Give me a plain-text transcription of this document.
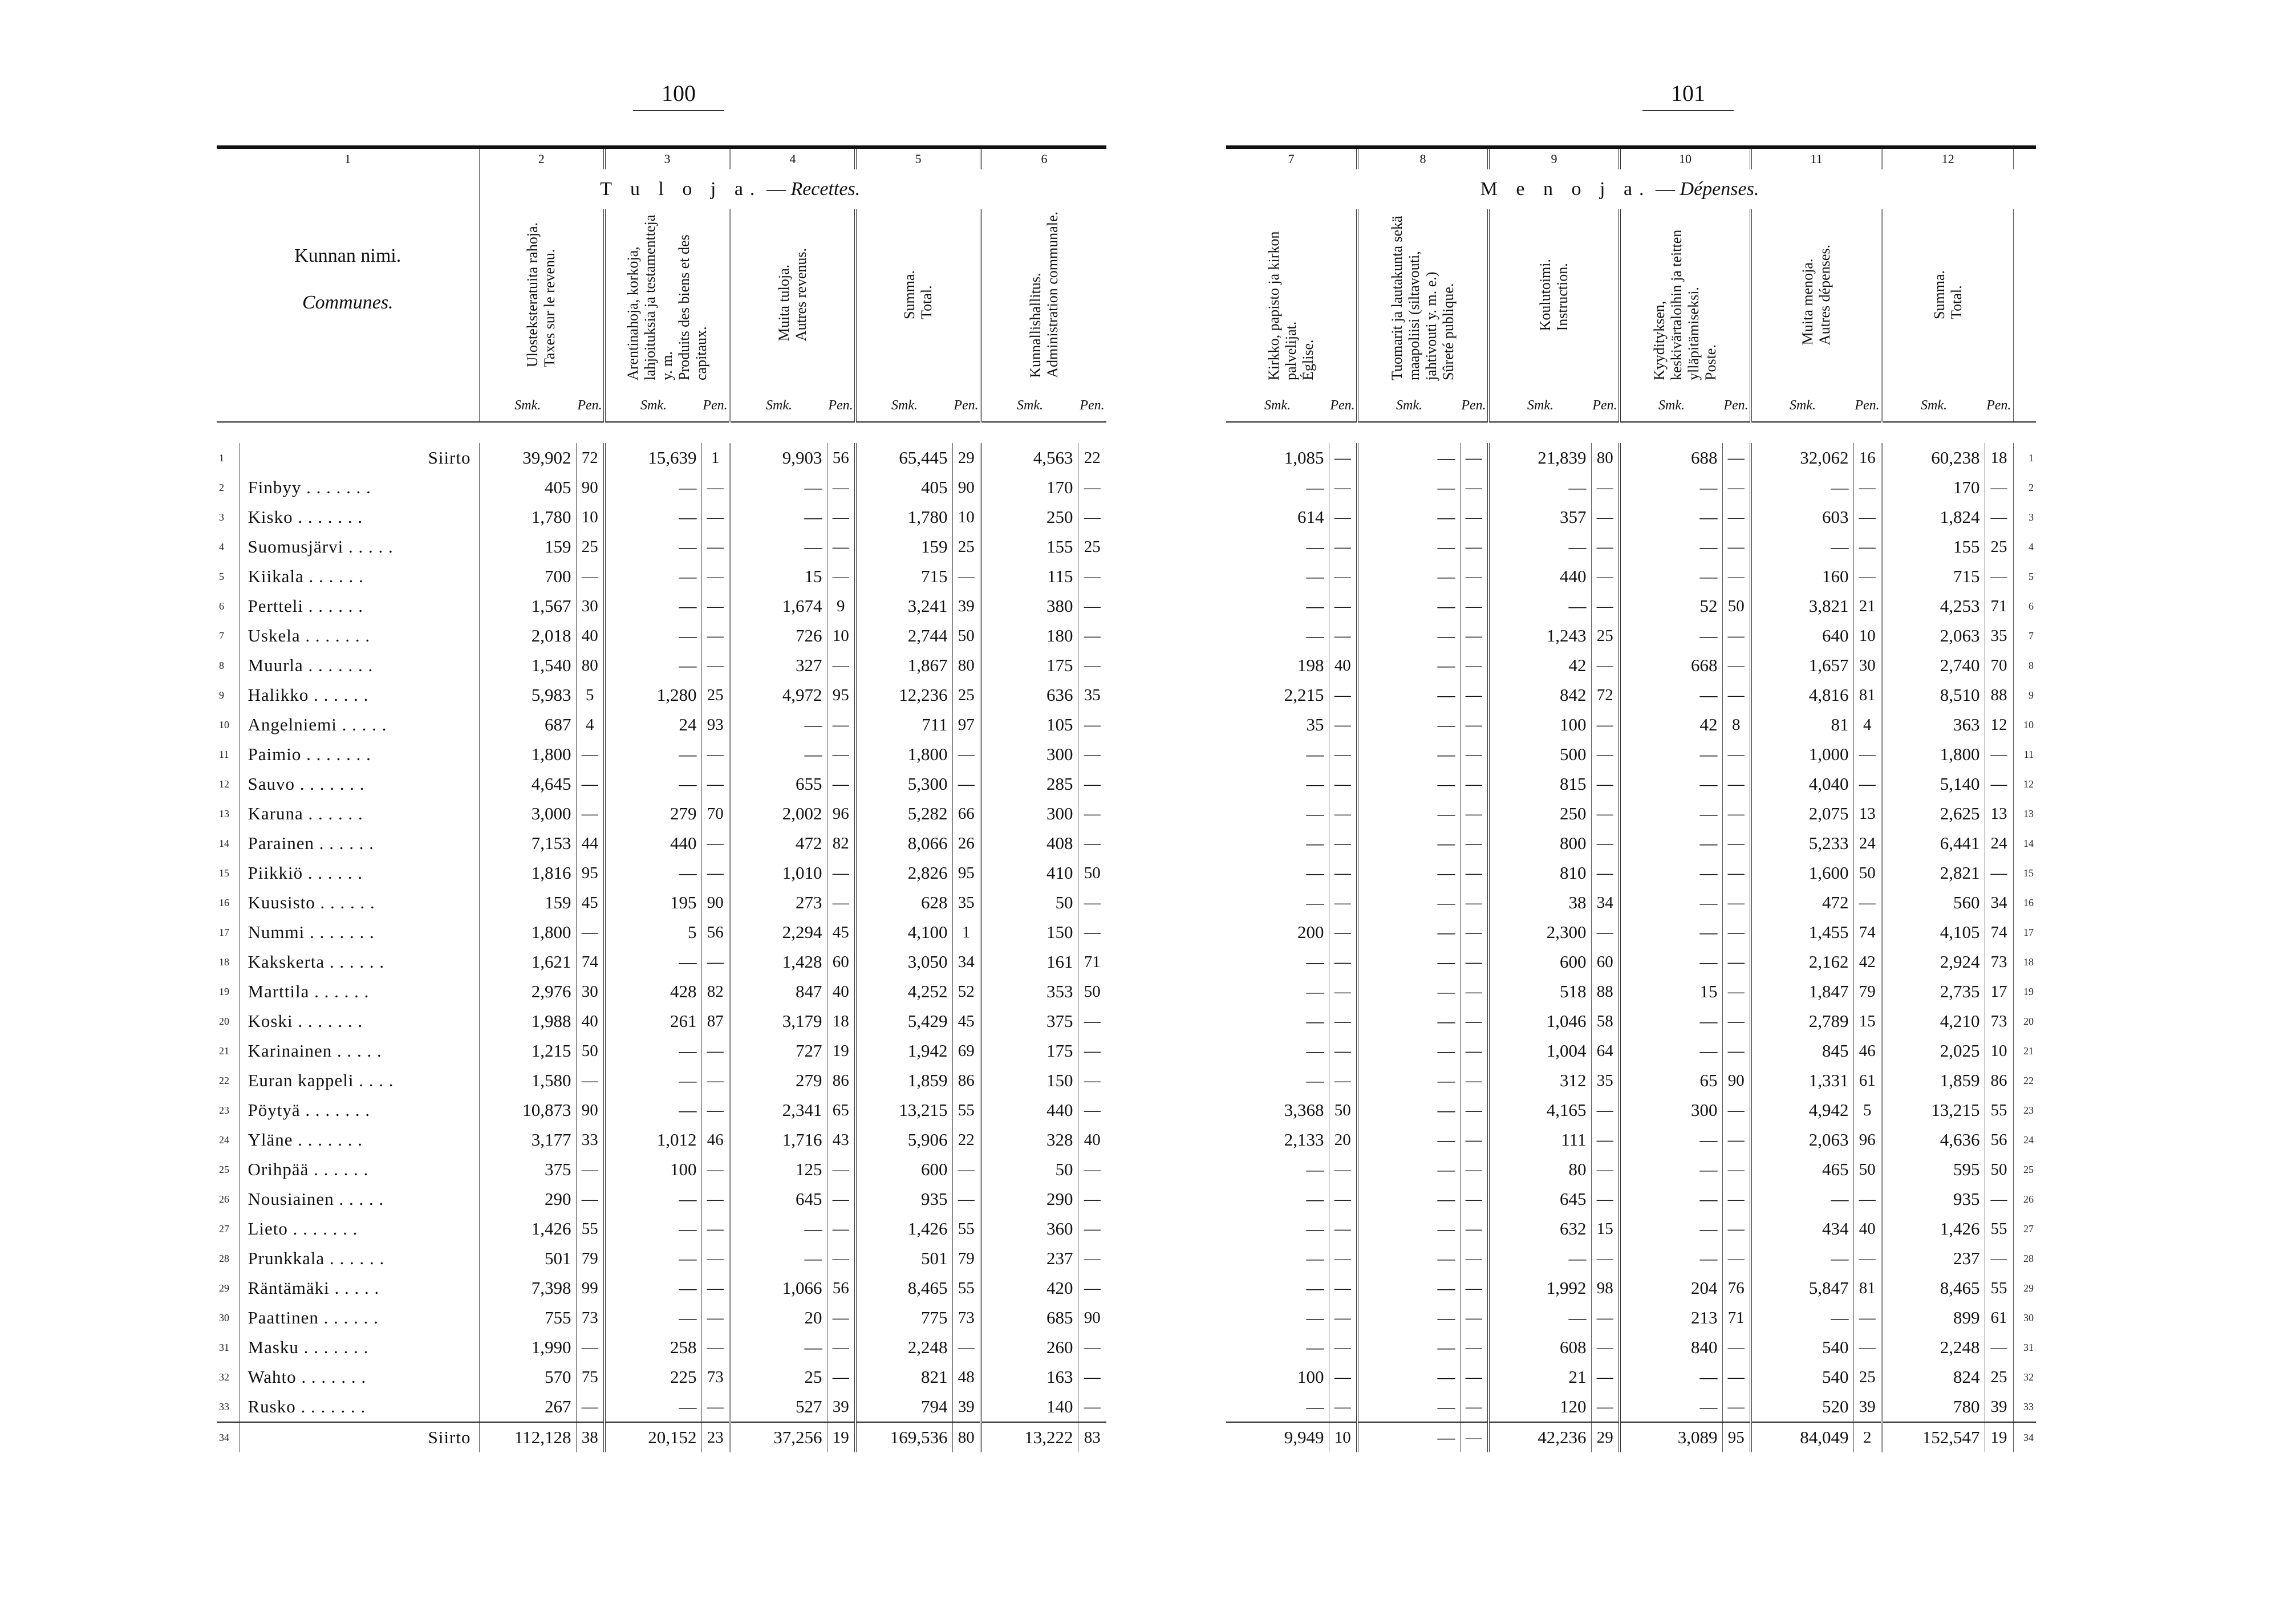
100	101
1		2		3		4		5		6	
Kunnan nimi.
Communes.		T u l o j a. — Recettes.									
		Ulosteksteratuita rahoja.
Taxes sur le revenu.		Arentinahoja, korkoja, lahjoituksia ja testamentteja y. m.
Produits des biens et des capitaux.		Muita tuloja.
Autres revenus.		Summa.
Total.		Kunnallishallitus.
Administration communale.	
		Smk.	Pen.	Smk.	Pen.	Smk.	Pen.	Smk.	Pen.	Smk.	Pen.

1	Siirto	39,902	72	15,639	1	9,903	56	65,445	29	4,563	22
2	Finbyy . . . . . . .	405	90	—	—	—	—	405	90	170	—
3	Kisko . . . . . . .	1,780	10	—	—	—	—	1,780	10	250	—
4	Suomusjärvi . . . . .	159	25	—	—	—	—	159	25	155	25
5	Kiikala . . . . . .	700	—	—	—	15	—	715	—	115	—
6	Pertteli . . . . . .	1,567	30	—	—	1,674	9	3,241	39	380	—
7	Uskela . . . . . . .	2,018	40	—	—	726	10	2,744	50	180	—
8	Muurla . . . . . . .	1,540	80	—	—	327	—	1,867	80	175	—
9	Halikko . . . . . .	5,983	5	1,280	25	4,972	95	12,236	25	636	35
10	Angelniemi . . . . .	687	4	24	93	—	—	711	97	105	—
11	Paimio . . . . . . .	1,800	—	—	—	—	—	1,800	—	300	—
12	Sauvo . . . . . . .	4,645	—	—	—	655	—	5,300	—	285	—
13	Karuna . . . . . .	3,000	—	279	70	2,002	96	5,282	66	300	—
14	Parainen . . . . . .	7,153	44	440	—	472	82	8,066	26	408	—
15	Piikkiö . . . . . .	1,816	95	—	—	1,010	—	2,826	95	410	50
16	Kuusisto . . . . . .	159	45	195	90	273	—	628	35	50	—
17	Nummi . . . . . . .	1,800	—	5	56	2,294	45	4,100	1	150	—
18	Kakskerta . . . . . .	1,621	74	—	—	1,428	60	3,050	34	161	71
19	Marttila . . . . . .	2,976	30	428	82	847	40	4,252	52	353	50
20	Koski . . . . . . .	1,988	40	261	87	3,179	18	5,429	45	375	—
21	Karinainen . . . . .	1,215	50	—	—	727	19	1,942	69	175	—
22	Euran kappeli . . . .	1,580	—	—	—	279	86	1,859	86	150	—
23	Pöytyä . . . . . . .	10,873	90	—	—	2,341	65	13,215	55	440	—
24	Yläne . . . . . . .	3,177	33	1,012	46	1,716	43	5,906	22	328	40
25	Orihpää . . . . . .	375	—	100	—	125	—	600	—	50	—
26	Nousiainen . . . . .	290	—	—	—	645	—	935	—	290	—
27	Lieto . . . . . . .	1,426	55	—	—	—	—	1,426	55	360	—
28	Prunkkala . . . . . .	501	79	—	—	—	—	501	79	237	—
29	Räntämäki . . . . .	7,398	99	—	—	1,066	56	8,465	55	420	—
30	Paattinen . . . . . .	755	73	—	—	20	—	775	73	685	90
31	Masku . . . . . . .	1,990	—	258	—	—	—	2,248	—	260	—
32	Wahto . . . . . . .	570	75	225	73	25	—	821	48	163	—
33	Rusko . . . . . . .	267	—	—	—	527	39	794	39	140	—
34	Siirto	112,128	38	20,152	23	37,256	19	169,536	80	13,222	83
7		8		9		10		11		12		
M e n o j a. — Dépenses.												
Kirkko, papisto ja kirkon palvelijat.
Église.		Tuomarit ja lautakunta sekä maapoliisi (siltavouti, jahtivouti y. m. e.)
Sûreté publique.		Koulutoimi.
Instruction.		Kyydityksen, keskivärtaloihin ja teitten ylläpitämiseksi.
Poste.		Muita menoja.
Autres dépenses.		Summa.
Total.		
Smk.	Pen.	Smk.	Pen.	Smk.	Pen.	Smk.	Pen.	Smk.	Pen.	Smk.	Pen.	

1,085	—	—	—	21,839	80	688	—	32,062	16	60,238	18	1
—	—	—	—	—	—	—	—	—	—	170	—	2
614	—	—	—	357	—	—	—	603	—	1,824	—	3
—	—	—	—	—	—	—	—	—	—	155	25	4
—	—	—	—	440	—	—	—	160	—	715	—	5
—	—	—	—	—	—	52	50	3,821	21	4,253	71	6
—	—	—	—	1,243	25	—	—	640	10	2,063	35	7
198	40	—	—	42	—	668	—	1,657	30	2,740	70	8
2,215	—	—	—	842	72	—	—	4,816	81	8,510	88	9
35	—	—	—	100	—	42	8	81	4	363	12	10
—	—	—	—	500	—	—	—	1,000	—	1,800	—	11
—	—	—	—	815	—	—	—	4,040	—	5,140	—	12
—	—	—	—	250	—	—	—	2,075	13	2,625	13	13
—	—	—	—	800	—	—	—	5,233	24	6,441	24	14
—	—	—	—	810	—	—	—	1,600	50	2,821	—	15
—	—	—	—	38	34	—	—	472	—	560	34	16
200	—	—	—	2,300	—	—	—	1,455	74	4,105	74	17
—	—	—	—	600	60	—	—	2,162	42	2,924	73	18
—	—	—	—	518	88	15	—	1,847	79	2,735	17	19
—	—	—	—	1,046	58	—	—	2,789	15	4,210	73	20
—	—	—	—	1,004	64	—	—	845	46	2,025	10	21
—	—	—	—	312	35	65	90	1,331	61	1,859	86	22
3,368	50	—	—	4,165	—	300	—	4,942	5	13,215	55	23
2,133	20	—	—	111	—	—	—	2,063	96	4,636	56	24
—	—	—	—	80	—	—	—	465	50	595	50	25
—	—	—	—	645	—	—	—	—	—	935	—	26
—	—	—	—	632	15	—	—	434	40	1,426	55	27
—	—	—	—	—	—	—	—	—	—	237	—	28
—	—	—	—	1,992	98	204	76	5,847	81	8,465	55	29
—	—	—	—	—	—	213	71	—	—	899	61	30
—	—	—	—	608	—	840	—	540	—	2,248	—	31
100	—	—	—	21	—	—	—	540	25	824	25	32
—	—	—	—	120	—	—	—	520	39	780	39	33
9,949	10	—	—	42,236	29	3,089	95	84,049	2	152,547	19	34
